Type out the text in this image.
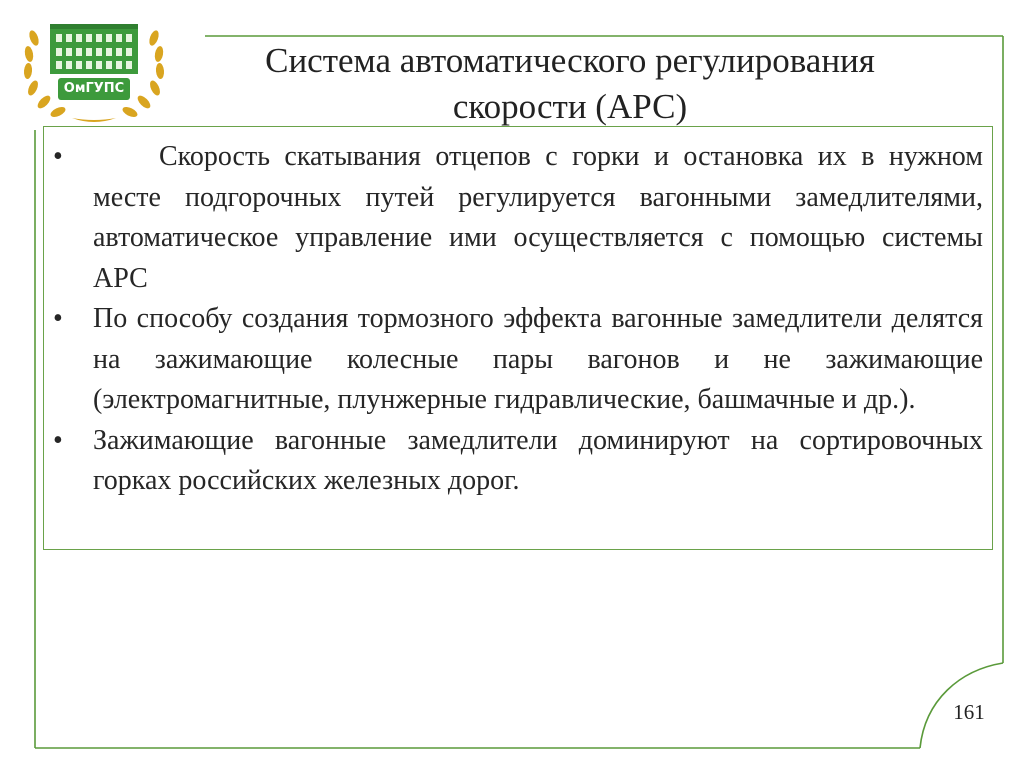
ОмГУПС
Система автоматического регулирования
скорости (АРС)
•	Скорость скатывания отцепов с горки и остановка их в нужном месте подгорочных путей регулируется вагонными замедлителями, автоматическое управление ими осуществляется с помощью системы АРС
• По способу создания тормозного эффекта вагонные замедлители делятся на зажимающие колесные пары вагонов и не зажимающие (электромагнитные, плунжерные гидравлические, башмачные и др.).
• Зажимающие вагонные замедлители доминируют на сортировочных горках российских железных дорог.
161
